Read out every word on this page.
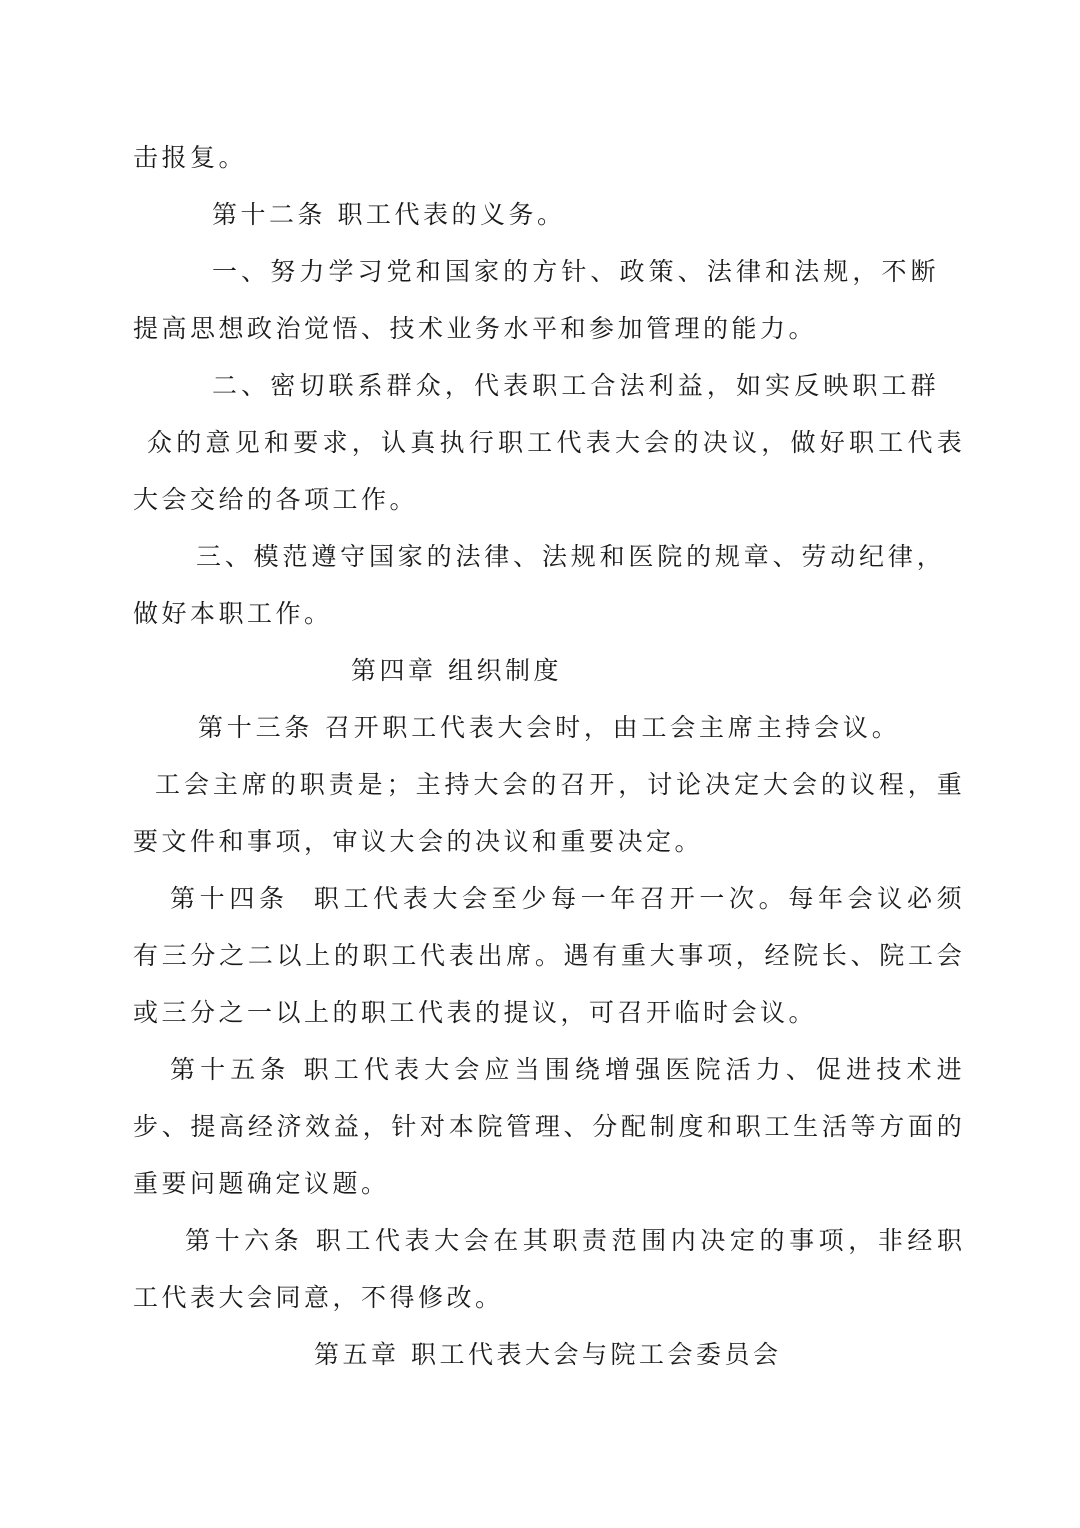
击报复。
第十二条 职工代表的义务。
一 、 努 力 学 习 党 和 国 家 的 方 针 、 政 策 、 法 律 和 法 规 ， 不 断
提高思想政治觉悟、技术业务水平和参加管理的能力。
二 、 密 切 联 系 群 众 ， 代 表 职 工 合 法 利 益 ， 如 实 反 映 职 工 群
众 的 意 见 和 要 求 ， 认 真 执 行 职 工 代 表 大 会 的 决 议 ， 做 好 职 工 代 表
大会交给的各项工作。
三 、 模 范 遵 守 国 家 的 法 律 、 法 规 和 医 院 的 规 章 、 劳 动 纪 律 ，
做好本职工作。
第四章 组织制度
第 十 三 条
召 开 职 工 代 表 大 会 时 ， 由 工 会 主 席 主 持 会 议 。
工 会 主 席 的 职 责 是 ； 主 持 大 会 的 召 开 ， 讨 论 决 定 大 会 的 议 程 ， 重
要文件和事项，审议大会的决议和重要决定。
第 十 四 条

职 工 代 表 大 会 至 少 每 一 年 召 开 一 次 。 每 年 会 议 必 须
有 三 分 之 二 以 上 的 职 工 代 表 出 席 。 遇 有 重 大 事 项 ， 经 院 长 、 院 工 会
或三分之一以上的职工代表的提议，可召开临时会议。
第 十 五 条
职 工 代 表 大 会 应 当 围 绕 增 强 医 院 活 力 、 促 进 技 术 进
步 、 提 高 经 济 效 益 ， 针 对 本 院 管 理 、 分 配 制 度 和 职 工 生 活 等 方 面 的
重要问题确定议题。
第 十 六 条
职 工 代 表 大 会 在 其 职 责 范 围 内 决 定 的 事 项 ， 非 经 职
工代表大会同意，不得修改。
第五章 职工代表大会与院工会委员会
